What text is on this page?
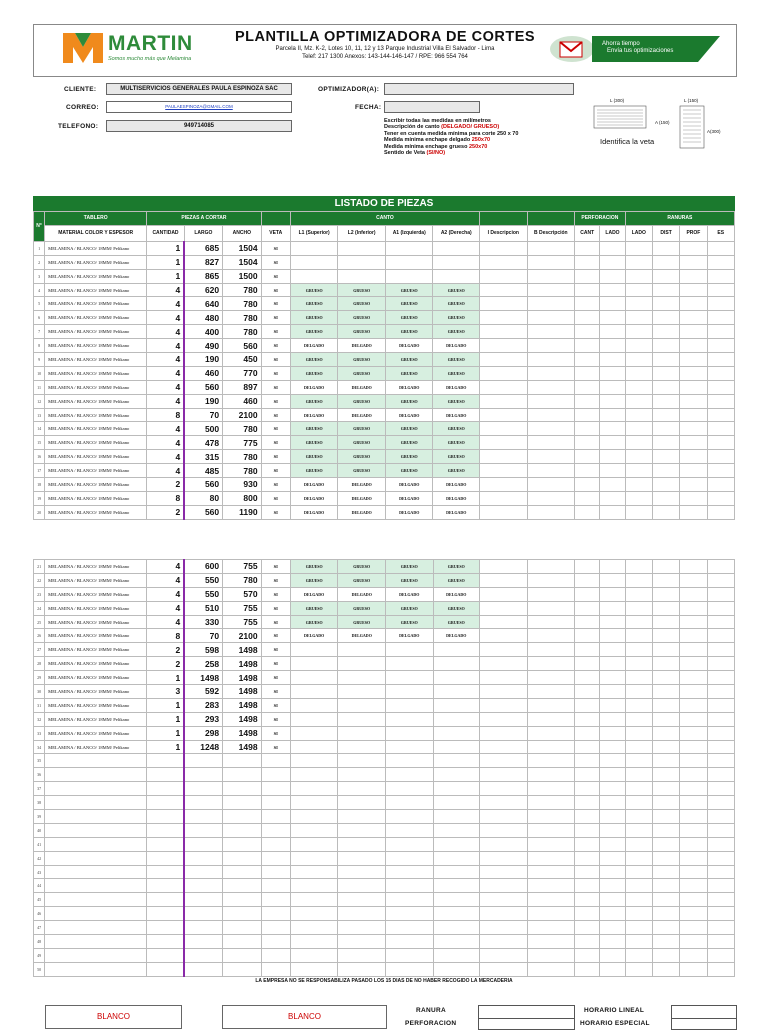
MARTIN
Somos mucho más que Melamina
PLANTILLA OPTIMIZADORA DE CORTES
Parcela II, Mz. K-2, Lotes 10, 11, 12 y 13 Parque Industrial Villa El Salvador - Lima
Telef: 217 1300 Anexos: 143-144-146-147 / RPE: 966 554 764
Ahorra tiempo
Envía tus optimizaciones
CLIENTE:	MULTISERVICIOS GENERALES PAULA ESPINOZA SAC
CORREO:	PAULAESPINOZA@GMAIL.COM
TELEFONO:	949714085
OPTIMIZADOR(A):
FECHA:
Escribir todas las medidas en milímetros
Descripción de canto (DELGADO/ GRUESO)
Tener en cuenta medida mínima para corte 250 x 70
Medida mínima enchape delgado 250x70
Medida mínima enchape grueso 250x70
Sentido de Veta (SI/NO)
L (300)	L (150)
A (150)
A(300)
Identifica la veta
LISTADO DE PIEZAS
N°	TABLERO	PIEZAS A CORTAR				CANTO						PERFORACION		RANURAS			
	MATERIAL COLOR Y ESPESOR	CANTIDAD	LARGO	ANCHO	VETA	L1 (Superior)	L2 (Inferior)	A1 (Izquierda)	A2 (Derecha)	I Descripcion	B Descripción	CANT	LADO	LADO	DIST	PROF	ES
1	MELAMINA / BLANCO/ 18MM/ Pelikano	1	685	1504	SI												
2	MELAMINA / BLANCO/ 18MM/ Pelikano	1	827	1504	SI												
3	MELAMINA / BLANCO/ 18MM/ Pelikano	1	865	1500	SI												
4	MELAMINA / BLANCO/ 18MM/ Pelikano	4	620	780	SI	GRUESO	GRUESO	GRUESO	GRUESO								
5	MELAMINA / BLANCO/ 18MM/ Pelikano	4	640	780	SI	GRUESO	GRUESO	GRUESO	GRUESO								
6	MELAMINA / BLANCO/ 18MM/ Pelikano	4	480	780	SI	GRUESO	GRUESO	GRUESO	GRUESO								
7	MELAMINA / BLANCO/ 18MM/ Pelikano	4	400	780	SI	GRUESO	GRUESO	GRUESO	GRUESO								
8	MELAMINA / BLANCO/ 18MM/ Pelikano	4	490	560	SI	DELGADO	DELGADO	DELGADO	DELGADO								
9	MELAMINA / BLANCO/ 18MM/ Pelikano	4	190	450	SI	GRUESO	GRUESO	GRUESO	GRUESO								
10	MELAMINA / BLANCO/ 18MM/ Pelikano	4	460	770	SI	GRUESO	GRUESO	GRUESO	GRUESO								
11	MELAMINA / BLANCO/ 18MM/ Pelikano	4	560	897	SI	DELGADO	DELGADO	DELGADO	DELGADO								
12	MELAMINA / BLANCO/ 18MM/ Pelikano	4	190	460	SI	GRUESO	GRUESO	GRUESO	GRUESO								
13	MELAMINA / BLANCO/ 18MM/ Pelikano	8	70	2100	SI	DELGADO	DELGADO	DELGADO	DELGADO								
14	MELAMINA / BLANCO/ 18MM/ Pelikano	4	500	780	SI	GRUESO	GRUESO	GRUESO	GRUESO								
15	MELAMINA / BLANCO/ 18MM/ Pelikano	4	478	775	SI	GRUESO	GRUESO	GRUESO	GRUESO								
16	MELAMINA / BLANCO/ 18MM/ Pelikano	4	315	780	SI	GRUESO	GRUESO	GRUESO	GRUESO								
17	MELAMINA / BLANCO/ 18MM/ Pelikano	4	485	780	SI	GRUESO	GRUESO	GRUESO	GRUESO								
18	MELAMINA / BLANCO/ 18MM/ Pelikano	2	560	930	SI	DELGADO	DELGADO	DELGADO	DELGADO								
19	MELAMINA / BLANCO/ 18MM/ Pelikano	8	80	800	SI	DELGADO	DELGADO	DELGADO	DELGADO								
20	MELAMINA / BLANCO/ 18MM/ Pelikano	2	560	1190	SI	DELGADO	DELGADO	DELGADO	DELGADO								
21	MELAMINA / BLANCO/ 18MM/ Pelikano	4	600	755	SI	GRUESO	GRUESO	GRUESO	GRUESO								
22	MELAMINA / BLANCO/ 18MM/ Pelikano	4	550	780	SI	GRUESO	GRUESO	GRUESO	GRUESO								
23	MELAMINA / BLANCO/ 18MM/ Pelikano	4	550	570	SI	DELGADO	DELGADO	DELGADO	DELGADO								
24	MELAMINA / BLANCO/ 18MM/ Pelikano	4	510	755	SI	GRUESO	GRUESO	GRUESO	GRUESO								
25	MELAMINA / BLANCO/ 18MM/ Pelikano	4	330	755	SI	GRUESO	GRUESO	GRUESO	GRUESO								
26	MELAMINA / BLANCO/ 18MM/ Pelikano	8	70	2100	SI	DELGADO	DELGADO	DELGADO	DELGADO								
27	MELAMINA / BLANCO/ 18MM/ Pelikano	2	598	1498	SI												
28	MELAMINA / BLANCO/ 18MM/ Pelikano	2	258	1498	SI												
29	MELAMINA / BLANCO/ 18MM/ Pelikano	1	1498	1498	SI												
30	MELAMINA / BLANCO/ 18MM/ Pelikano	3	592	1498	SI												
31	MELAMINA / BLANCO/ 18MM/ Pelikano	1	283	1498	SI												
32	MELAMINA / BLANCO/ 18MM/ Pelikano	1	293	1498	SI												
33	MELAMINA / BLANCO/ 18MM/ Pelikano	1	298	1498	SI												
34	MELAMINA / BLANCO/ 18MM/ Pelikano	1	1248	1498	SI												
35																	
36																	
37																	
38																	
39																	
40																	
41																	
42																	
43																	
44																	
45																	
46																	
47																	
48																	
49																	
50																	
LA EMPRESA NO SE RESPONSABILIZA PASADO LOS 15 DIAS DE NO HABER RECOGIDO LA MERCADERIA
BLANCO	BLANCO
RANURA
PERFORACION
HORARIO LINEAL
HORARIO ESPECIAL
